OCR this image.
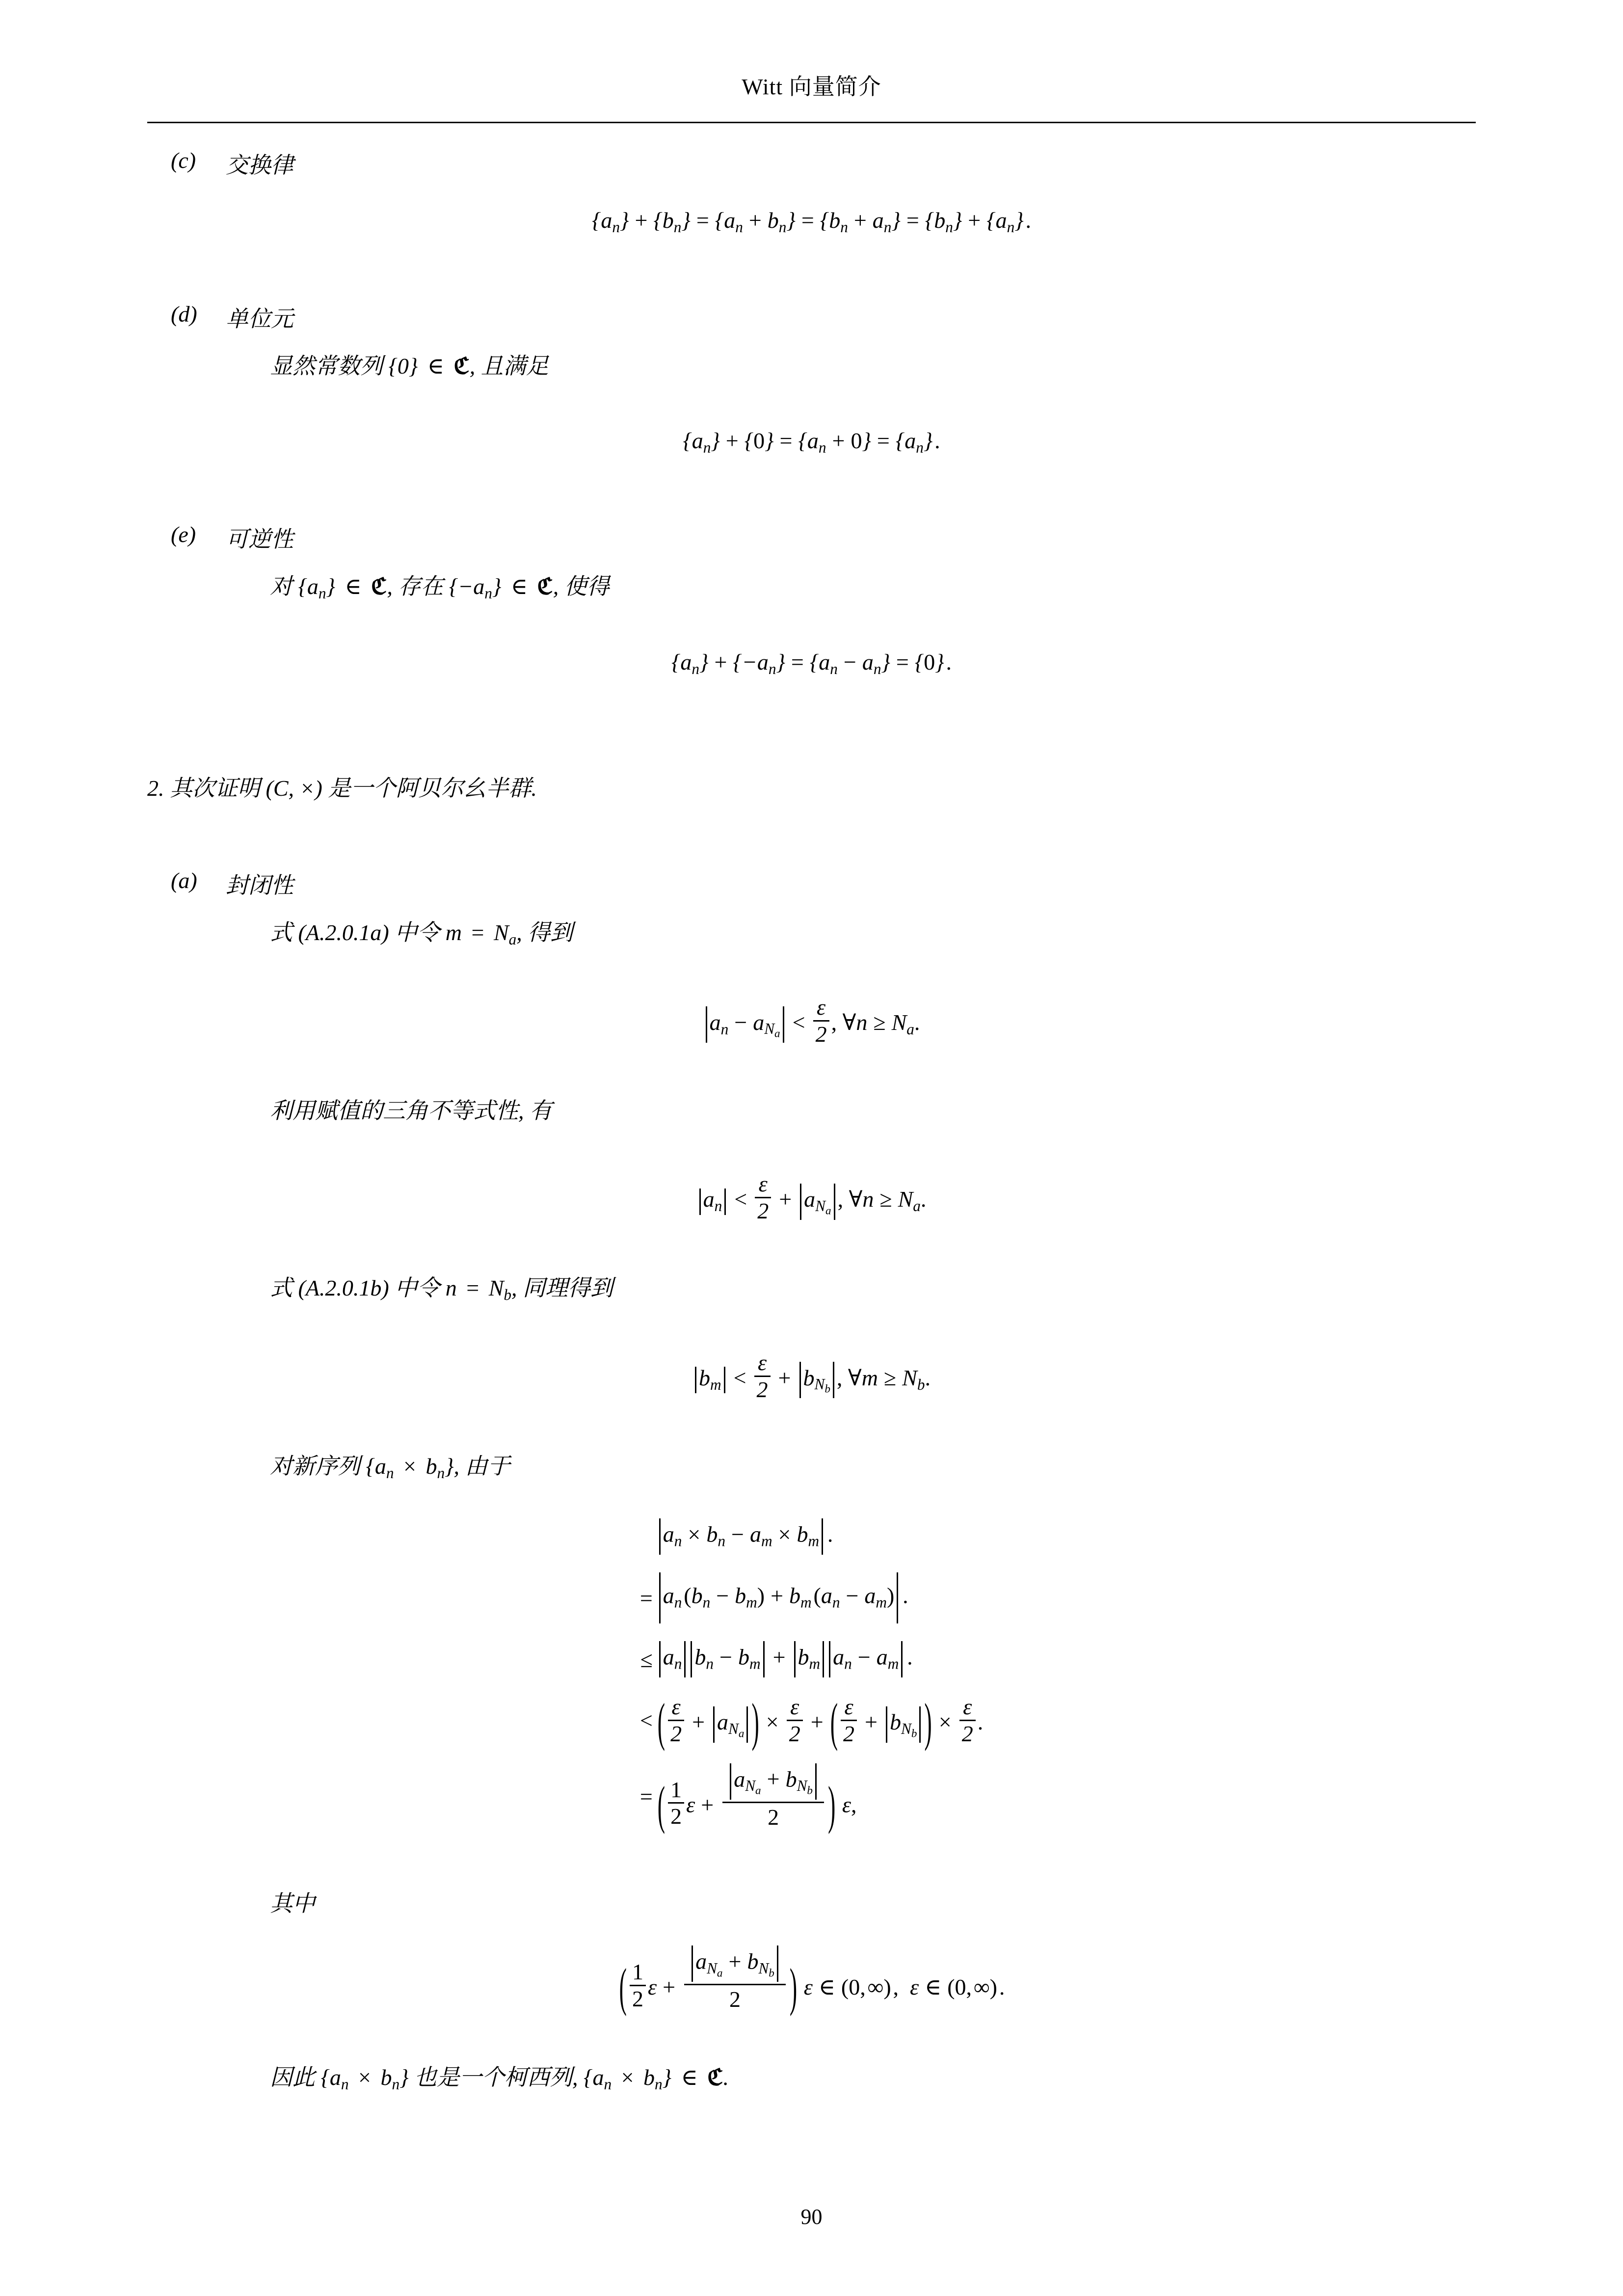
Witt 向量简介
(c) 交换律
$\{a_n\} + \{b_n\} = \{a_n + b_n\} = \{b_n + a_n\} = \{b_n\} + \{a_n\}$ .
(d) 单位元
显然常数列 {0} ∈ ℭ, 且满足
$\{a_n\} + \{0\} = \{a_n + 0\} = \{a_n\}$ .
(e) 可逆性
对 $\{a_n\}$ ∈ ℭ, 存在 $\{-a_n\}$ ∈ ℭ, 使得
$\{a_n\} + \{-a_n\} = \{a_n - a_n\} = \{0\}$ .
2. 其次证明 (C, ×) 是一个阿贝尔幺半群.
(a) 封闭性
式 (A.2.0.1a) 中令 $m = N_a$, 得到
$a_n - a_{N_a} < \frac{\varepsilon}{2}$ , ∀n ≥ $N_a$.
利用赋值的三角不等式性, 有
$a_n < \frac{\varepsilon}{2} + a_{N_a}$ , ∀n ≥ $N_a$.
式 (A.2.0.1b) 中令 $n = N_b$, 同理得到
$b_m < \frac{\varepsilon}{2} + b_{N_b}$ , ∀m ≥ $N_b$.
对新序列 $\{a_n \times b_n\}$, 由于
	$a_n \times b_n - a_m \times b_m$ .
=	$a_n$ $(b_n - b_m) + b_m$ $(a_n - a_m)$ .
≤	$a_n$ $b_n - b_m + b_m$ $a_n - a_m$ .
<	( $\frac{\varepsilon}{2} + a_{N_a}$ ) × $\frac{\varepsilon}{2}$ + ( $\frac{\varepsilon}{2} + b_{N_b}$ ) × $\frac{\varepsilon}{2}$ .
=	( $\frac{1}{2}$ $\varepsilon + \frac{a_{N_a} + b_{N_b}}{2}$ ) ε,
其中
( $\frac{1}{2}$ $\varepsilon + \frac{a_{N_a} + b_{N_b}}{2}$ ) ε ∈ (0, ∞) , ε ∈ (0, ∞) .
因此 $\{a_n \times b_n\}$ 也是一个柯西列, $\{a_n \times b_n\}$ ∈ ℭ.
90
